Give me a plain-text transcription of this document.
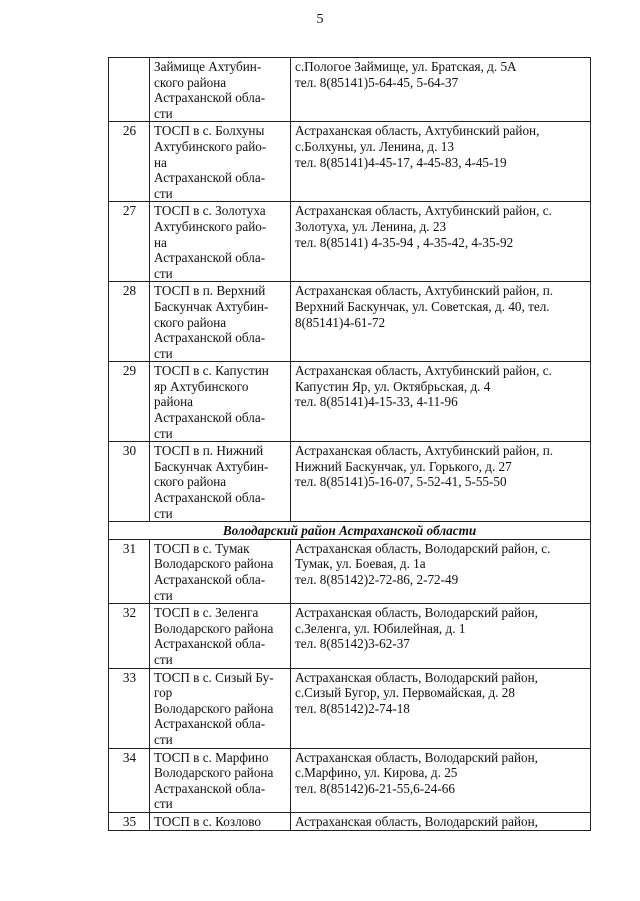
5
	Займище Ахтубин-
ского района
Астраханской обла-
сти	с.Пологое Займище, ул. Братская, д. 5А
тел. 8(85141)5-64-45, 5-64-37
26	ТОСП в с. Болхуны
Ахтубинского райо-
на
Астраханской обла-
сти	Астраханская область, Ахтубинский район,
с.Болхуны, ул. Ленина, д. 13
тел. 8(85141)4-45-17, 4-45-83, 4-45-19
27	ТОСП в с. Золотуха
Ахтубинского райо-
на
Астраханской обла-
сти	Астраханская область, Ахтубинский район, с.
Золотуха, ул. Ленина, д. 23
тел. 8(85141) 4-35-94 , 4-35-42, 4-35-92
28	ТОСП в п. Верхний
Баскунчак Ахтубин-
ского района
Астраханской обла-
сти	Астраханская область, Ахтубинский район, п.
Верхний Баскунчак, ул. Советская, д. 40, тел.
8(85141)4-61-72
29	ТОСП в с. Капустин
яр Ахтубинского
района
Астраханской обла-
сти	Астраханская область, Ахтубинский район, с.
Капустин Яр, ул. Октябрьская, д. 4
тел. 8(85141)4-15-33, 4-11-96
30	ТОСП в п. Нижний
Баскунчак Ахтубин-
ского района
Астраханской обла-
сти	Астраханская область, Ахтубинский район, п.
Нижний Баскунчак, ул. Горького, д. 27
тел. 8(85141)5-16-07, 5-52-41, 5-55-50
Володарский район Астраханской области		
31	ТОСП в с. Тумак
Володарского района
Астраханской обла-
сти	Астраханская область, Володарский район, с.
Тумак, ул. Боевая, д. 1а
тел. 8(85142)2-72-86, 2-72-49
32	ТОСП в с. Зеленга
Володарского района
Астраханской обла-
сти	Астраханская область, Володарский район,
с.Зеленга, ул. Юбилейная, д. 1
тел. 8(85142)3-62-37
33	ТОСП в с. Сизый Бу-
гор
Володарского района
Астраханской обла-
сти	Астраханская область, Володарский район,
с.Сизый Бугор, ул. Первомайская, д. 28
тел. 8(85142)2-74-18
34	ТОСП в с. Марфино
Володарского района
Астраханской обла-
сти	Астраханская область, Володарский район,
с.Марфино, ул. Кирова, д. 25
тел. 8(85142)6-21-55,6-24-66
35	ТОСП в с. Козлово	Астраханская область, Володарский район,
